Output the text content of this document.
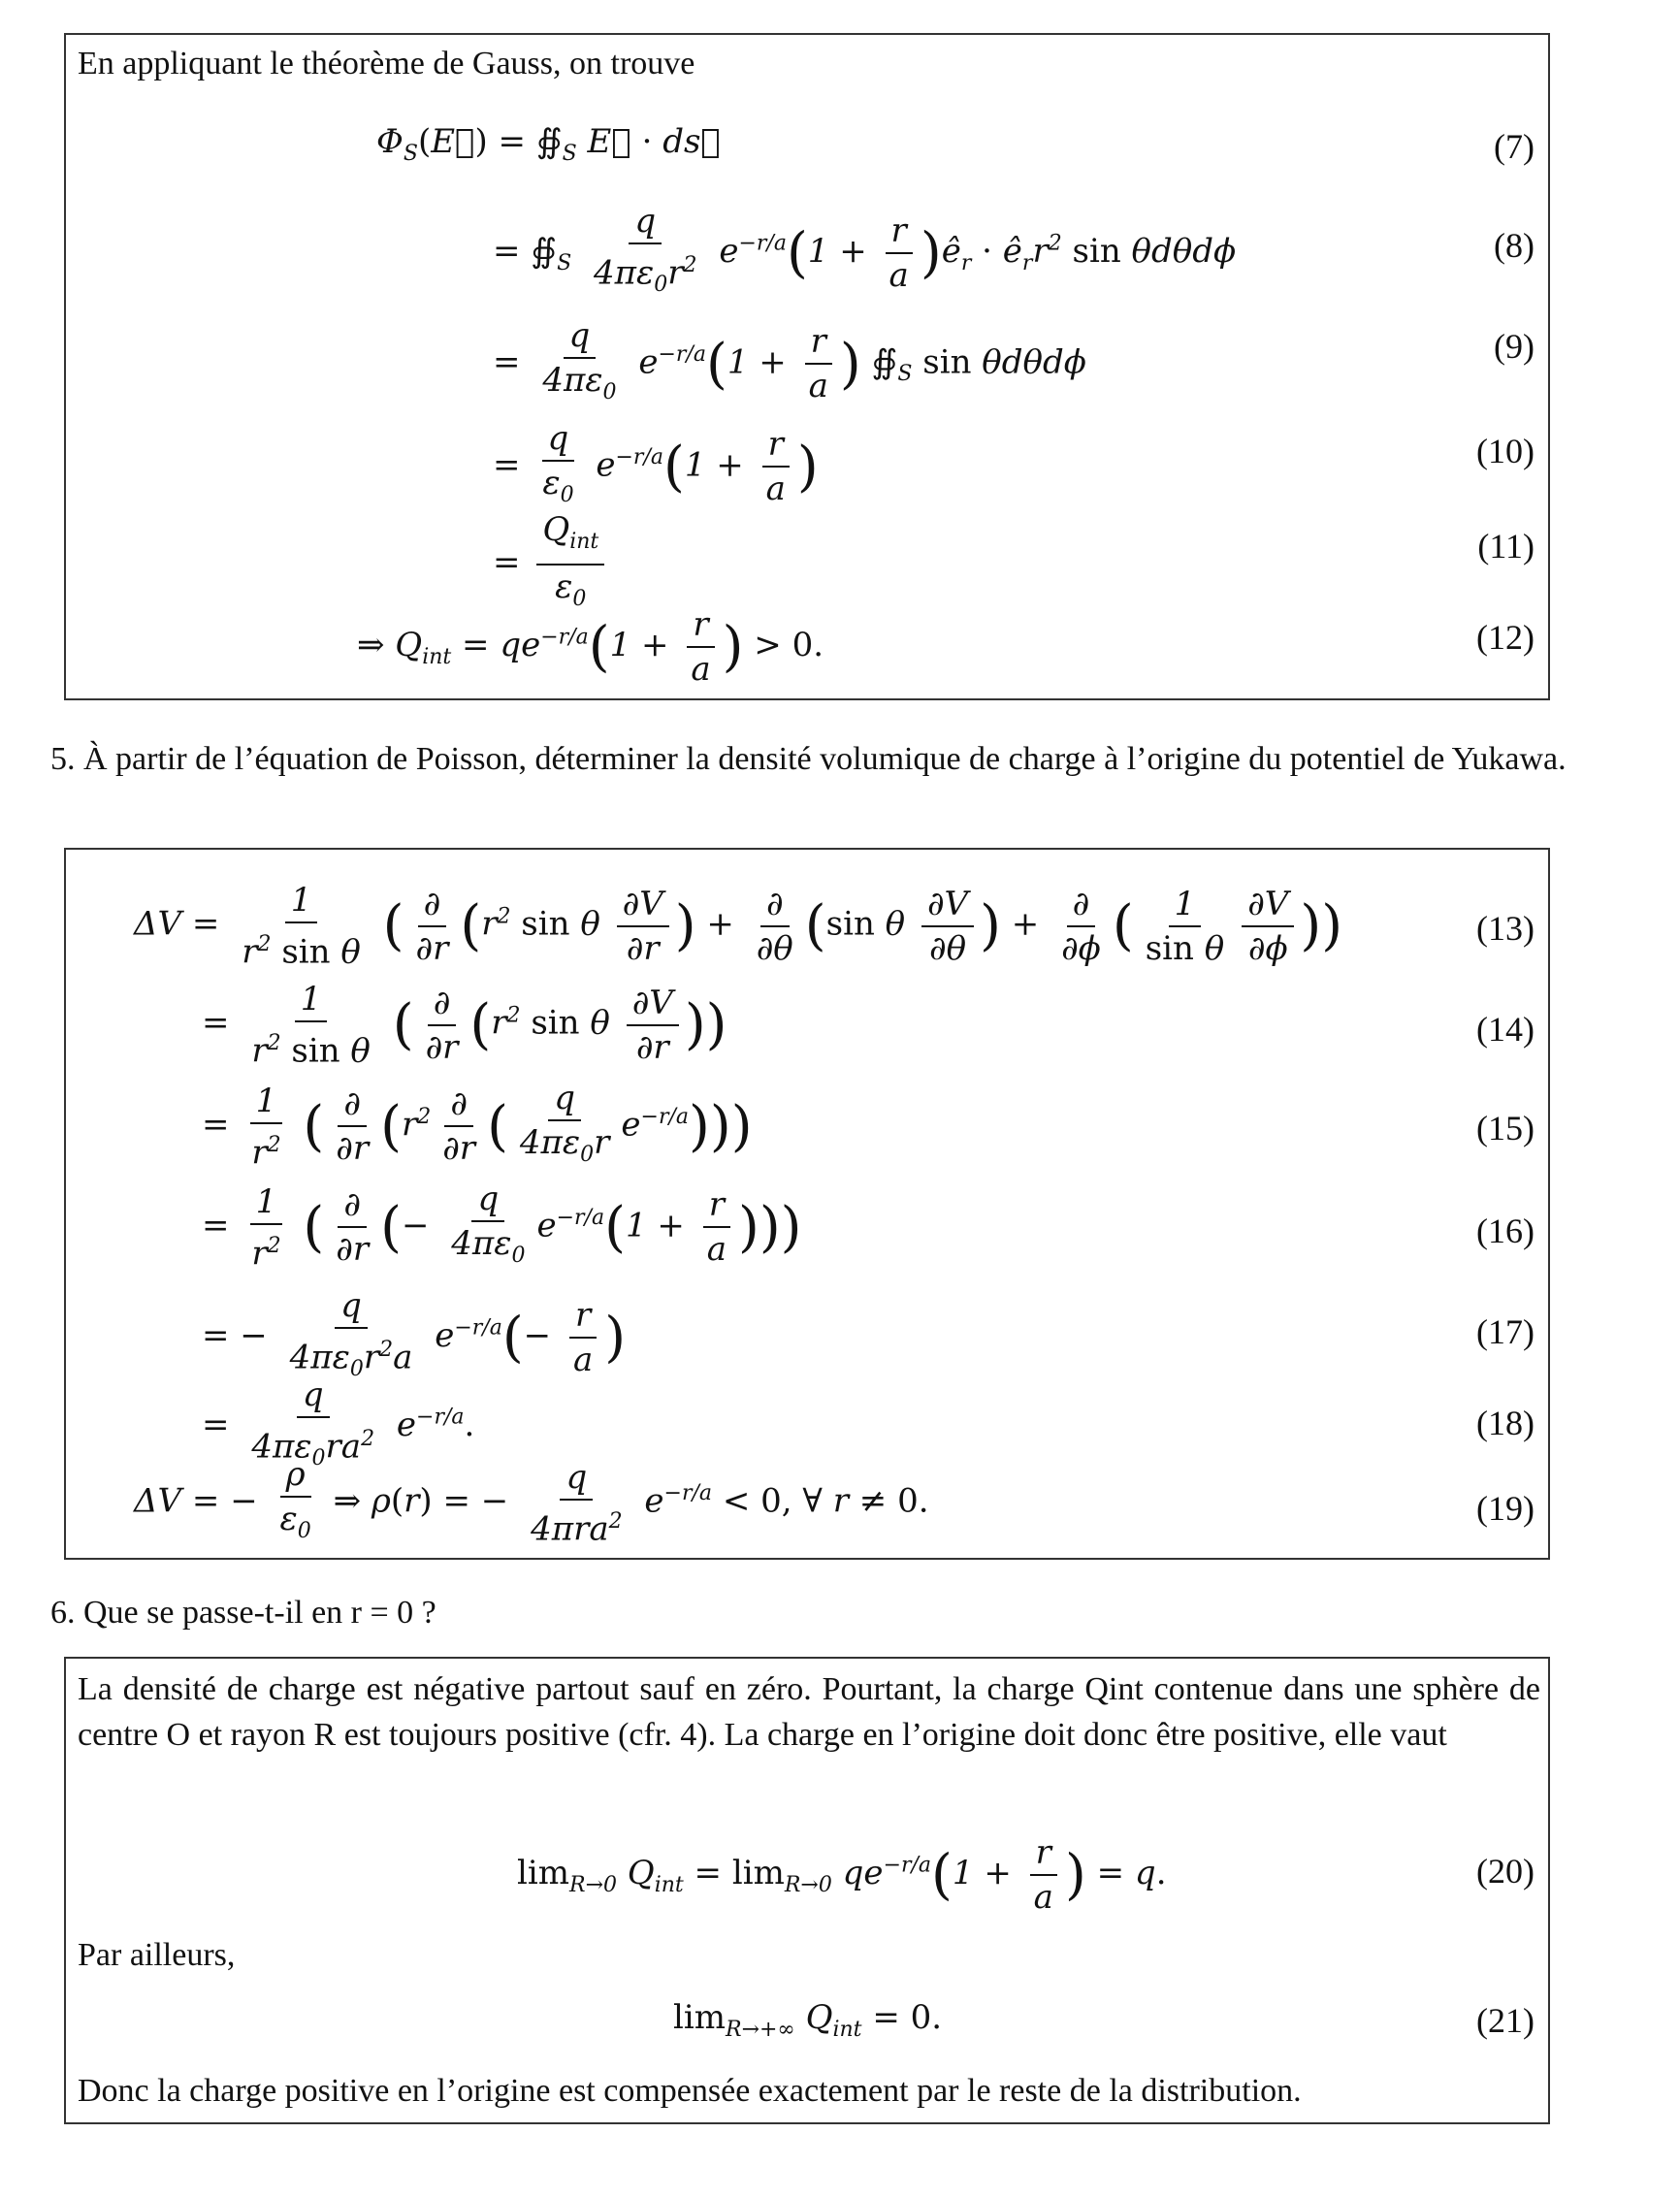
En appliquant le théorème de Gauss, on trouve
$\Phi_S(E⃗)$ = $∯_S$ E⃗ · ds⃗	(7)
= $∯_S \frac{q}{4\pi\varepsilon_0r^2} e^{-r/a}(1 + \frac{r}{a}$ )$ê_r$ · $ê_rr^2$ sin θdθdϕ	(8)
= $\frac{q}{4\pi\varepsilon_0} e^{-r/a}(1 + \frac{r}{a}$ ) $∯_S$ sin θdθdϕ	(9)
= $\frac{q}{\varepsilon_0} e^{-r/a}(1 + \frac{r}{a}$ )	(10)
= $\frac{Q_{int}}{\varepsilon_0}$	(11)
⇒ $Q_{int} = qe^{-r/a}(1 + \frac{r}{a}$ ) > 0.	(12)
5. À partir de l’équation de Poisson, déterminer la densité volumique de charge à l’origine du potentiel de Yukawa.
$\Delta V = \frac{1}{r^2 \sin \theta}$ ( $\frac{\partial}{\partial r} (r^2$ sin θ $\frac{\partial V}{\partial r}$ ) + $\frac{\partial}{\partial\theta} (\sin$ θ $\frac{\partial V}{\partial\theta}$ ) + $\frac{\partial}{\partial\phi}$ ( $\frac{1}{\text{sin θ}} \frac{\partial V}{\partial\phi}$ ))	(13)
= $\frac{1}{r^2 \sin \theta}$ ( $\frac{\partial}{\partial r} (r^2$ sin θ $\frac{\partial V}{\partial r}$ ))	(14)
= $\frac{1}{r^2}$ ( $\frac{\partial}{\partial r} (r^2 \frac{\partial}{\partial r}$ ( $\frac{q}{4\pi\varepsilon_0r} e^{-r/a}$)))	(15)
= $\frac{1}{r^2}$ ( $\frac{\partial}{\partial r}$ (− $\frac{q}{4\pi\varepsilon_0} e^{-r/a}(1 + \frac{r}{a}$ )))	(16)
= − $\frac{q}{4\pi\varepsilon_0r^2a} e^{-r/a}(- \frac{r}{a}$ )	(17)
= $\frac{q}{4\pi\varepsilon_0ra^2} e^{-r/a}$.	(18)
ΔV = − $\frac{\rho}{\varepsilon_0}$ ⇒ ρ(r) = − $\frac{q}{4\pi ra^2} e^{-r/a} < 0$, ∀ r ≠ 0.	(19)
6. Que se passe-t-il en r = 0 ?
La densité de charge est négative partout sauf en zéro. Pourtant, la charge Qint contenue dans une sphère de centre O et rayon R est toujours positive (cfr. 4). La charge en l’origine doit donc être positive, elle vaut
$\lim_{R\to 0} Q_{int} = \lim_{R\to 0} qe^{-r/a}(1 + \frac{r}{a}$ ) = q.	(20)
Par ailleurs,
$\lim_{R\to+\infty} Q_{int} = 0$.	(21)
Donc la charge positive en l’origine est compensée exactement par le reste de la distribution.
